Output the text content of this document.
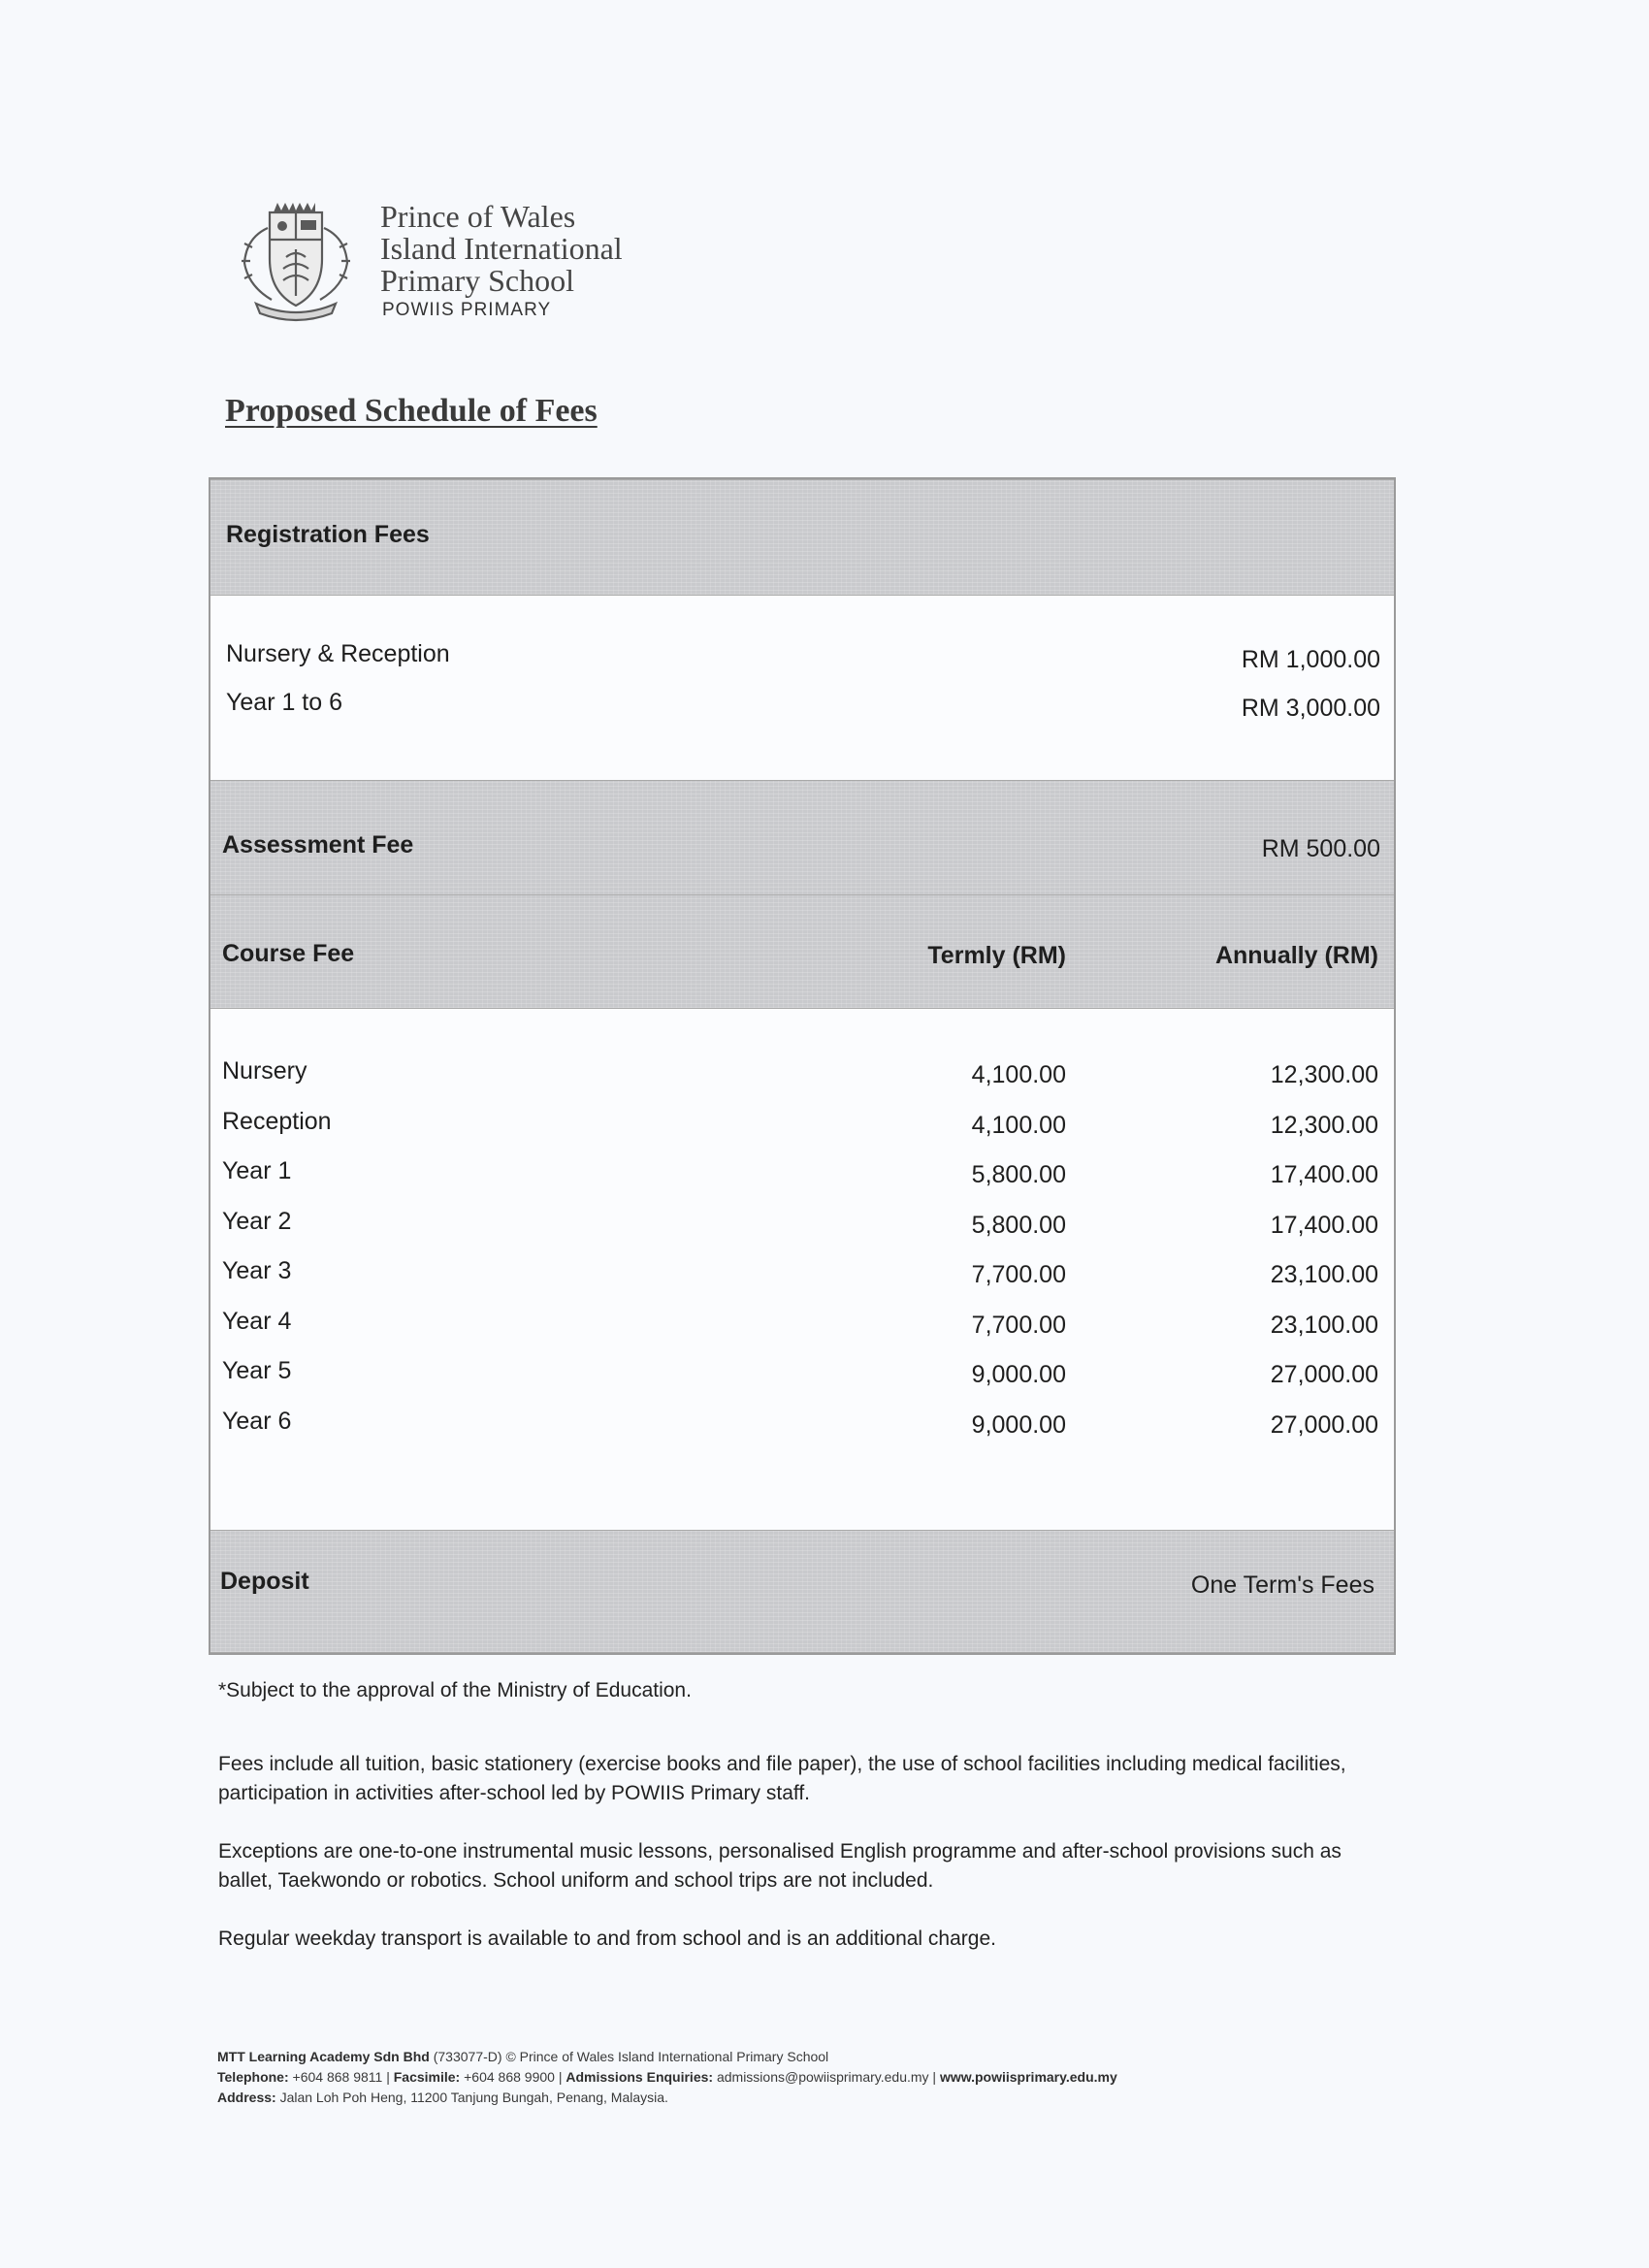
Prince of Wales
Island International
Primary School
POWIIS PRIMARY
Proposed Schedule of Fees
Registration Fees
Nursery & Reception	RM 1,000.00
Year 1 to 6	RM 3,000.00
Assessment Fee	RM 500.00
Course Fee	Termly (RM)	Annually (RM)
Nursery	4,100.00	12,300.00
Reception	4,100.00	12,300.00
Year 1	5,800.00	17,400.00
Year 2	5,800.00	17,400.00
Year 3	7,700.00	23,100.00
Year 4	7,700.00	23,100.00
Year 5	9,000.00	27,000.00
Year 6	9,000.00	27,000.00
Deposit	One Term's Fees

*Subject to the approval of the Ministry of Education.

Fees include all tuition, basic stationery (exercise books and file paper), the use of school facilities including medical facilities, participation in activities after-school led by POWIIS Primary staff.

Exceptions are one-to-one instrumental music lessons, personalised English programme and after-school provisions such as ballet, Taekwondo or robotics. School uniform and school trips are not included.

Regular weekday transport is available to and from school and is an additional charge.

MTT Learning Academy Sdn Bhd (733077-D) © Prince of Wales Island International Primary School
Telephone: +604 868 9811 | Facsimile: +604 868 9900 | Admissions Enquiries: admissions@powiisprimary.edu.my | www.powiisprimary.edu.my
Address: Jalan Loh Poh Heng, 11200 Tanjung Bungah, Penang, Malaysia.
